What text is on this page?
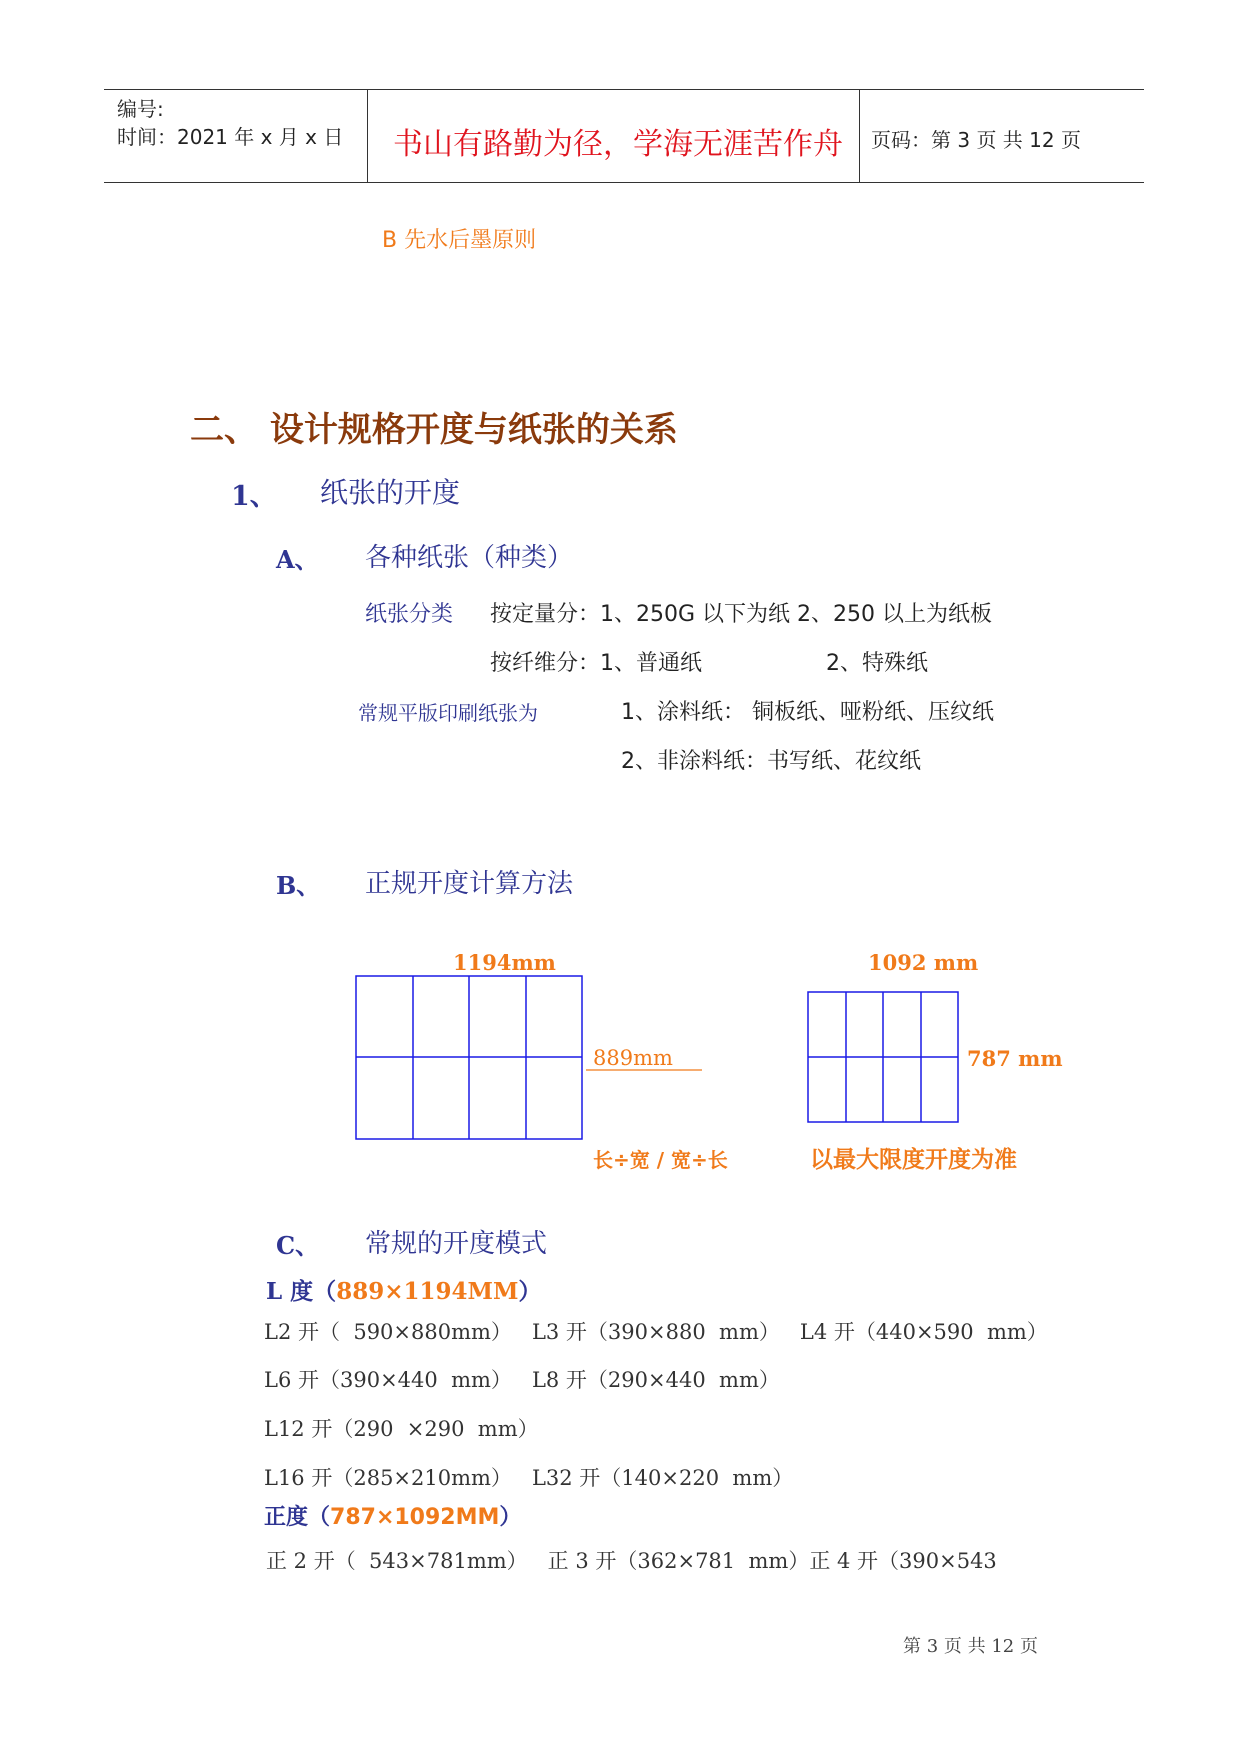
编号:
时间：2021 年 x 月 x 日 书山有路勤为径，学海无涯苦作舟 页码：第 3 页 共 12 页
B 先水后墨原则
二、 设计规格开度与纸张的关系
1、 纸张的开度
A、 各种纸张（种类）
纸张分类 按定量分：1、250G 以下为纸 2、250 以上为纸板
按纤维分：1、普通纸	2、特殊纸
常规平版印刷纸张为	1、涂料纸： 铜板纸、哑粉纸、压纹纸
2、非涂料纸：书写纸、花纹纸
B、 正规开度计算方法
1194mm
889mm
1092 mm
787 mm
长÷宽 / 宽÷长	以最大限度开度为准
C、 常规的开度模式
L 度（889×1194MM）
L2 开（  590×880mm）   L3 开（390×880  mm）   L4 开（440×590  mm）
L6 开（390×440  mm）   L8 开（290×440  mm）
L12 开（290  ×290  mm）
L16 开（285×210mm）   L32 开（140×220  mm）
正度（787×1092MM）
正 2 开（  543×781mm）   正 3 开（362×781  mm）正 4 开（390×543
第 3 页 共 12 页
